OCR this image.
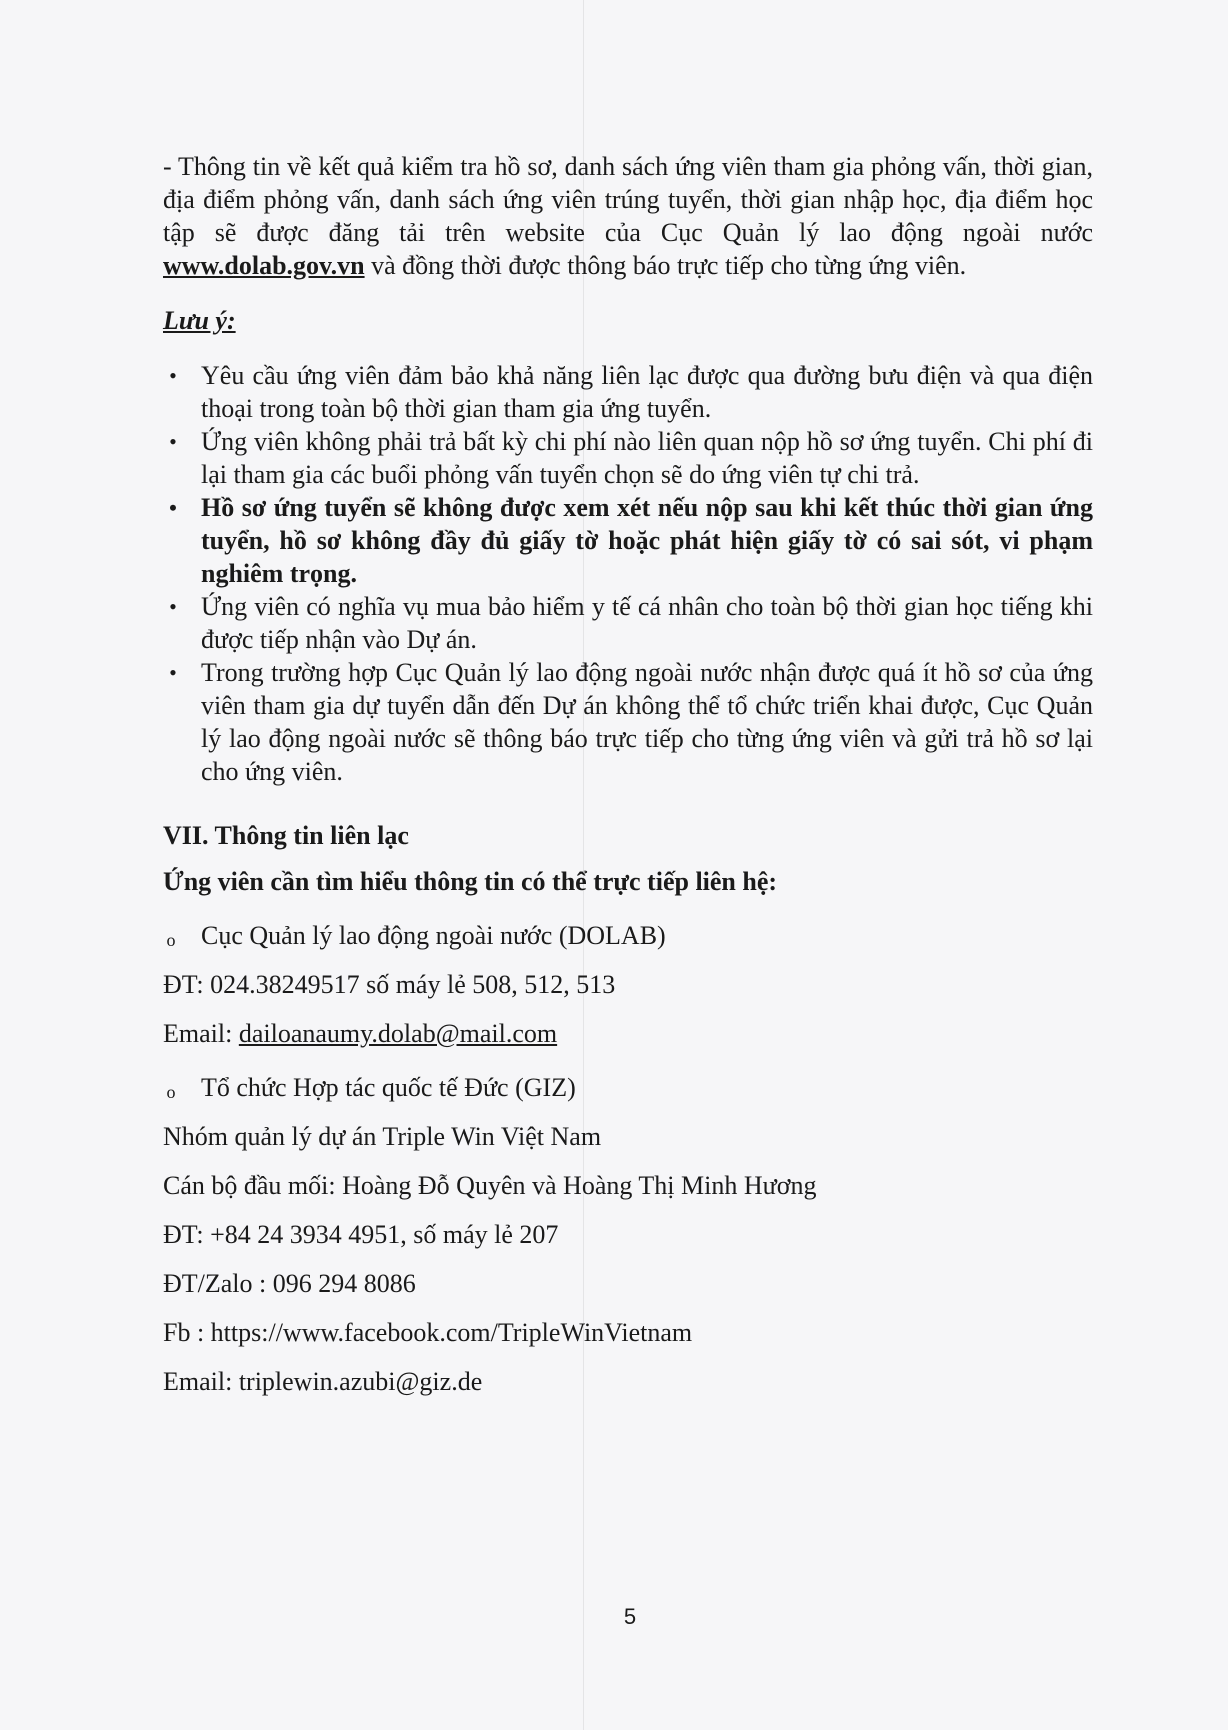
- Thông tin về kết quả kiểm tra hồ sơ, danh sách ứng viên tham gia phỏng vấn, thời gian, địa điểm phỏng vấn, danh sách ứng viên trúng tuyển, thời gian nhập học, địa điểm học tập sẽ được đăng tải trên website của Cục Quản lý lao động ngoài nước www.dolab.gov.vn và đồng thời được thông báo trực tiếp cho từng ứng viên.

Lưu ý:
• Yêu cầu ứng viên đảm bảo khả năng liên lạc được qua đường bưu điện và qua điện thoại trong toàn bộ thời gian tham gia ứng tuyển.
• Ứng viên không phải trả bất kỳ chi phí nào liên quan nộp hồ sơ ứng tuyển. Chi phí đi lại tham gia các buổi phỏng vấn tuyển chọn sẽ do ứng viên tự chi trả.
• Hồ sơ ứng tuyển sẽ không được xem xét nếu nộp sau khi kết thúc thời gian ứng tuyển, hồ sơ không đầy đủ giấy tờ hoặc phát hiện giấy tờ có sai sót, vi phạm nghiêm trọng.
• Ứng viên có nghĩa vụ mua bảo hiểm y tế cá nhân cho toàn bộ thời gian học tiếng khi được tiếp nhận vào Dự án.
• Trong trường hợp Cục Quản lý lao động ngoài nước nhận được quá ít hồ sơ của ứng viên tham gia dự tuyển dẫn đến Dự án không thể tổ chức triển khai được, Cục Quản lý lao động ngoài nước sẽ thông báo trực tiếp cho từng ứng viên và gửi trả hồ sơ lại cho ứng viên.
VII. Thông tin liên lạc
Ứng viên cần tìm hiểu thông tin có thể trực tiếp liên hệ:
o Cục Quản lý lao động ngoài nước (DOLAB)
ĐT: 024.38249517 số máy lẻ 508, 512, 513
Email: dailoanaumy.dolab@mail.com
o Tổ chức Hợp tác quốc tế Đức (GIZ)
Nhóm quản lý dự án Triple Win Việt Nam
Cán bộ đầu mối: Hoàng Đỗ Quyên và Hoàng Thị Minh Hương
ĐT: +84 24 3934 4951, số máy lẻ 207
ĐT/Zalo : 096 294 8086
Fb : https://www.facebook.com/TripleWinVietnam
Email: triplewin.azubi@giz.de
5
